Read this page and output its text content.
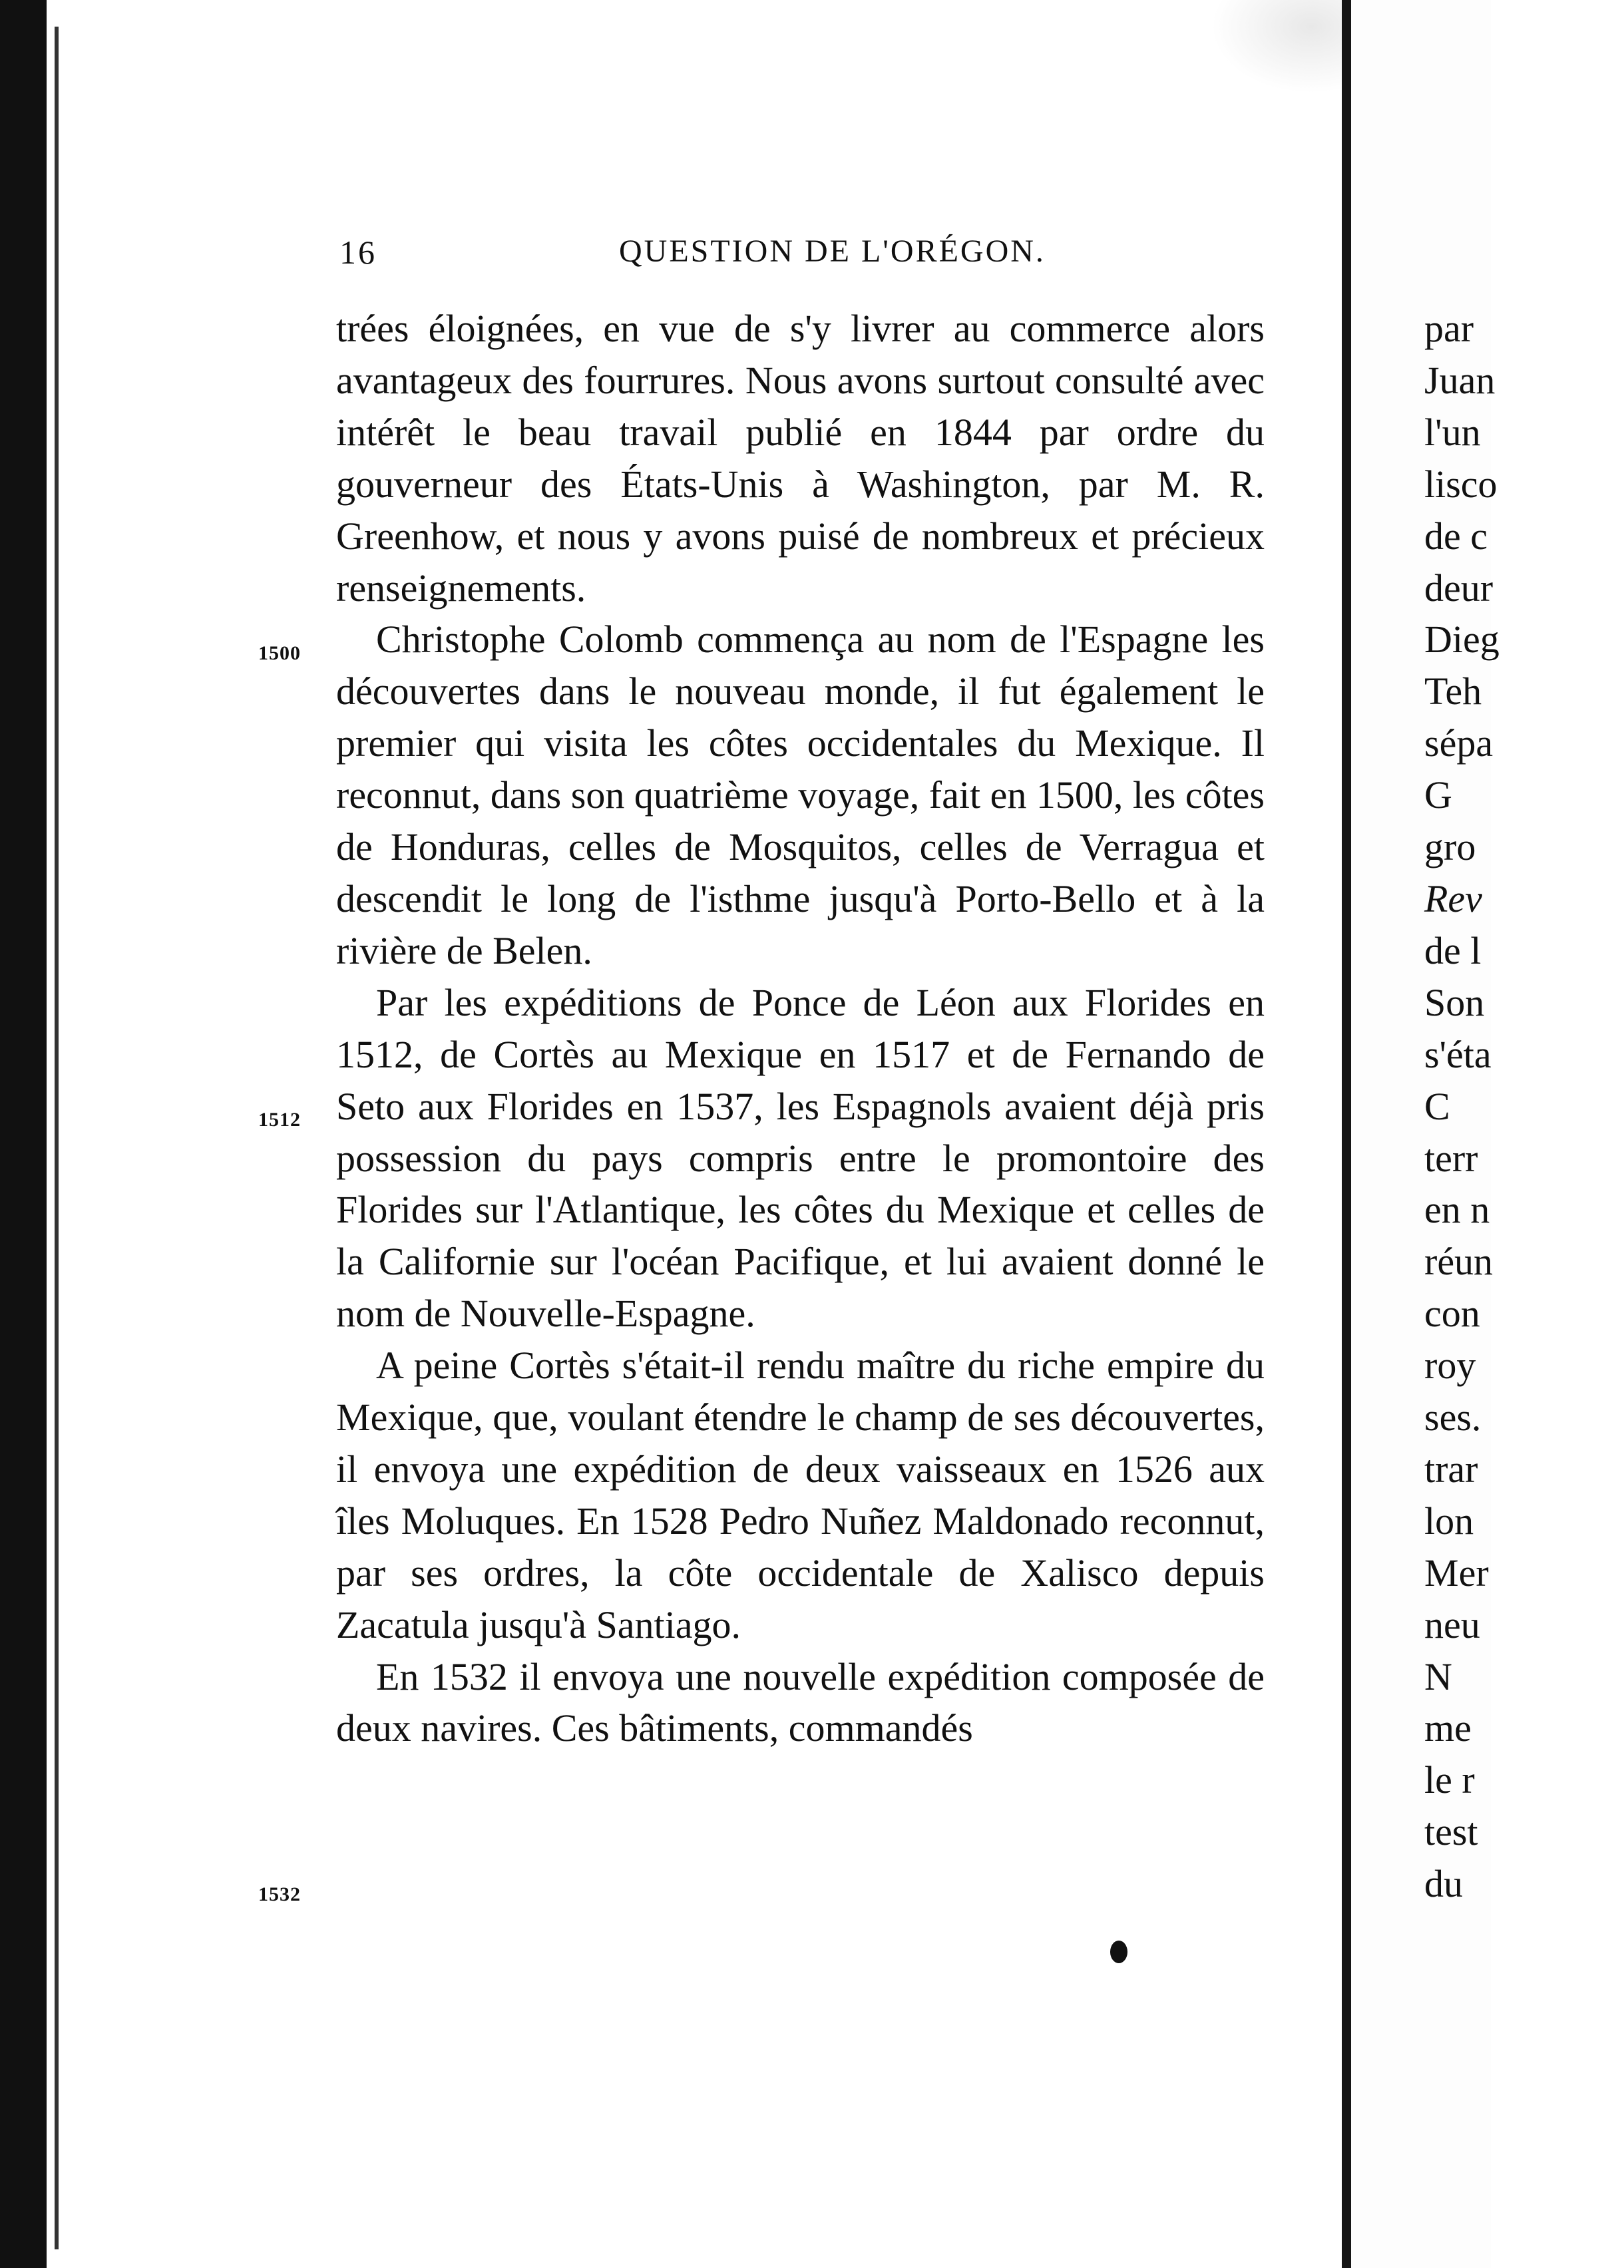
16	QUESTION DE L'ORÉGON.
1500
1512
1532

trées éloignées, en vue de s'y livrer au commerce alors avantageux des fourrures. Nous avons surtout consulté avec intérêt le beau travail publié en 1844 par ordre du gouverneur des États-Unis à Washington, par M. R. Greenhow, et nous y avons puisé de nombreux et précieux renseignements.

Christophe Colomb commença au nom de l'Espagne les découvertes dans le nouveau monde, il fut également le premier qui visita les côtes occidentales du Mexique. Il reconnut, dans son quatrième voyage, fait en 1500, les côtes de Honduras, celles de Mosquitos, celles de Verragua et descendit le long de l'isthme jusqu'à Porto-Bello et à la rivière de Belen.

Par les expéditions de Ponce de Léon aux Florides en 1512, de Cortès au Mexique en 1517 et de Fernando de Seto aux Florides en 1537, les Espagnols avaient déjà pris possession du pays compris entre le promontoire des Florides sur l'Atlantique, les côtes du Mexique et celles de la Californie sur l'océan Pacifique, et lui avaient donné le nom de Nouvelle-Espagne.

A peine Cortès s'était-il rendu maître du riche empire du Mexique, que, voulant étendre le champ de ses découvertes, il envoya une expédition de deux vaisseaux en 1526 aux îles Moluques. En 1528 Pedro Nuñez Maldonado reconnut, par ses ordres, la côte occidentale de Xalisco depuis Zacatula jusqu'à Santiago.

En 1532 il envoya une nouvelle expédition composée de deux navires. Ces bâtiments, commandés

par
Juan
l'un
lisco
de c
deur
Dieg
Teh
sépa
G
gro
Rev
de l
Son
s'éta
C
terr
en n
réun
con
roy
ses.
trar
lon
Mer
neu
N
me
le r
test
du
